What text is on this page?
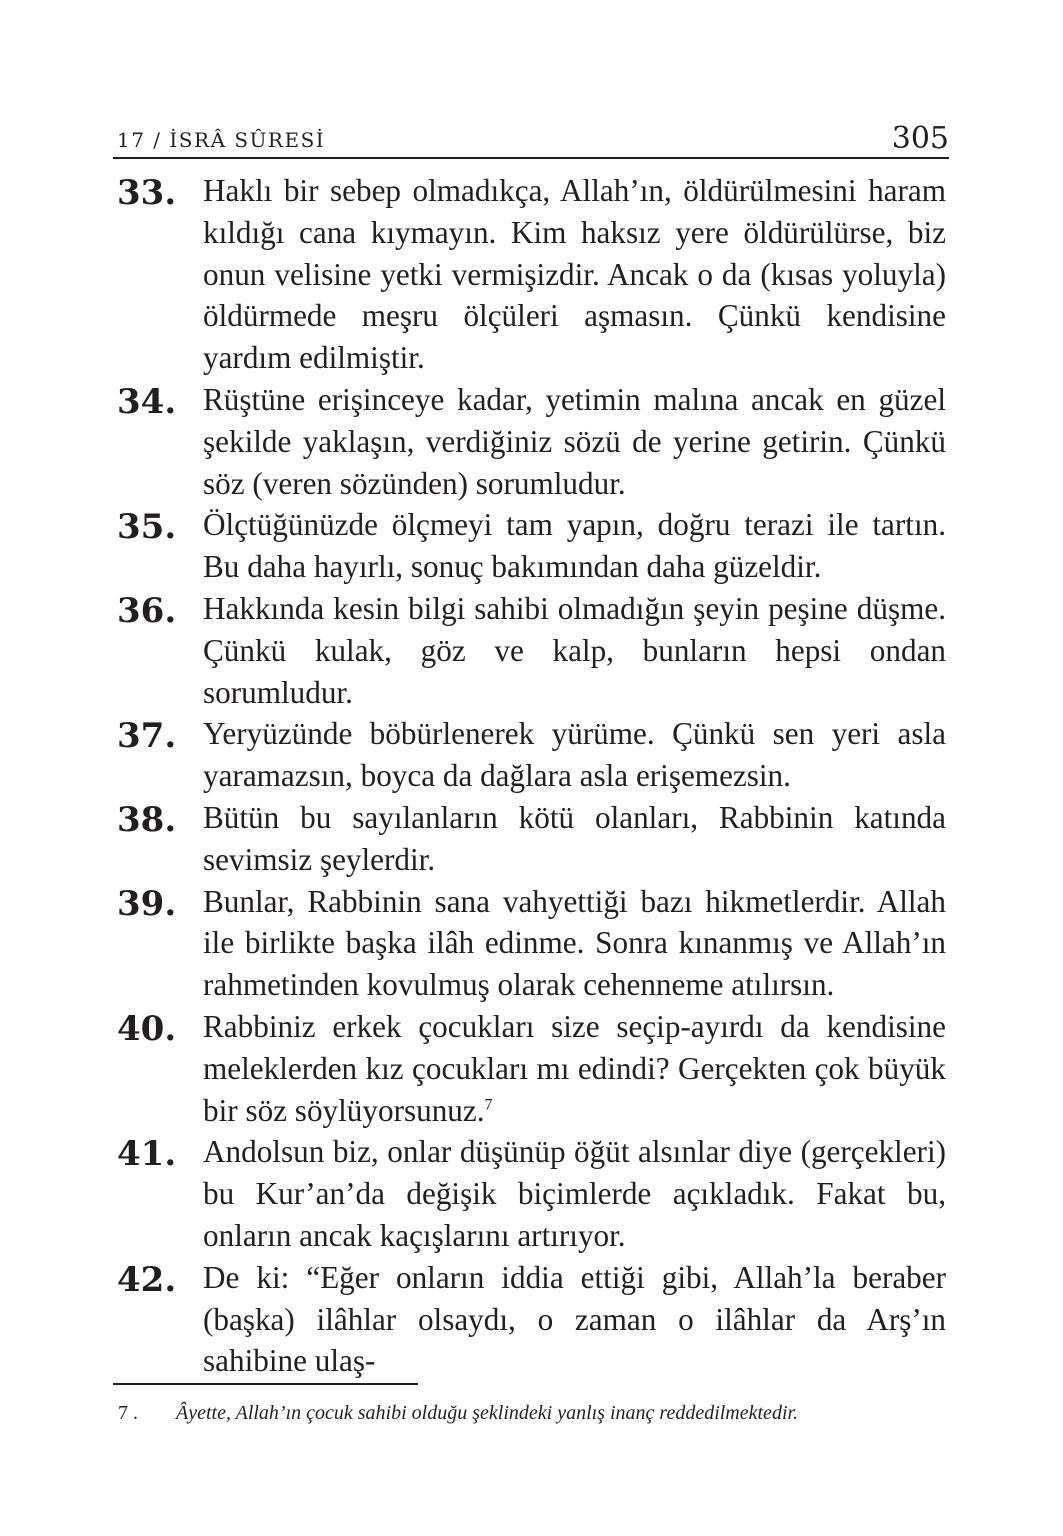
17 / İSRÂ SÛRESİ	305

33. Haklı bir sebep olmadıkça, Allah’ın, öldürülmesini haram kıldığı cana kıymayın. Kim haksız yere öldürülürse, biz onun velisine yetki vermişizdir. Ancak o da (kısas yoluyla) öldürmede meşru ölçüleri aşmasın. Çünkü kendisine yardım edilmiştir.

34. Rüştüne erişinceye kadar, yetimin malına ancak en güzel şekilde yaklaşın, verdiğiniz sözü de yerine getirin. Çünkü söz (veren sözünden) sorumludur.

35. Ölçtüğünüzde ölçmeyi tam yapın, doğru terazi ile tartın. Bu daha hayırlı, sonuç bakımından daha güzeldir.

36. Hakkında kesin bilgi sahibi olmadığın şeyin peşine düşme. Çünkü kulak, göz ve kalp, bunların hepsi ondan sorumludur.

37. Yeryüzünde böbürlenerek yürüme. Çünkü sen yeri asla yaramazsın, boyca da dağlara asla erişemezsin.

38. Bütün bu sayılanların kötü olanları, Rabbinin katında sevimsiz şeylerdir.

39. Bunlar, Rabbinin sana vahyettiği bazı hikmetlerdir. Allah ile birlikte başka ilâh edinme. Sonra kınanmış ve Allah’ın rahmetinden kovulmuş olarak cehenneme atılırsın.

40. Rabbiniz erkek çocukları size seçip-ayırdı da kendisine meleklerden kız çocukları mı edindi? Gerçekten çok büyük bir söz söylüyorsunuz.$^7$

41. Andolsun biz, onlar düşünüp öğüt alsınlar diye (gerçekleri) bu Kur’an’da değişik biçimlerde açıkladık. Fakat bu, onların ancak kaçışlarını artırıyor.

42. De ki: “Eğer onların iddia ettiği gibi, Allah’la beraber (başka) ilâhlar olsaydı, o zaman o ilâhlar da Arş’ın sahibine ulaş-

7 . Âyette, Allah’ın çocuk sahibi olduğu şeklindeki yanlış inanç reddedilmektedir.
